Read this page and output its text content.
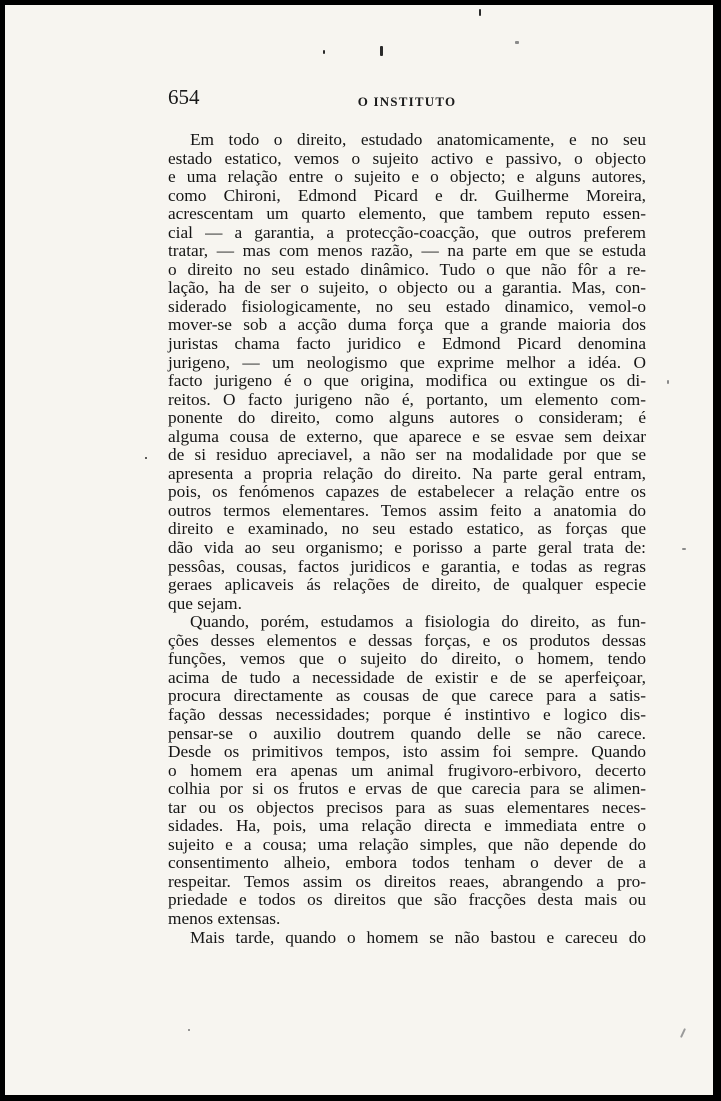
654	O INSTITUTO
Em todo o direito, estudado anatomicamente, e no seu
estado estatico, vemos o sujeito activo e passivo, o objecto
e uma relação entre o sujeito e o objecto; e alguns autores,
como Chironi, Edmond Picard e dr. Guilherme Moreira,
acrescentam um quarto elemento, que tambem reputo essen-
cial — a garantia, a protecção-coacção, que outros preferem
tratar, — mas com menos razão, — na parte em que se estuda
o direito no seu estado dinâmico. Tudo o que não fôr a re-
lação, ha de ser o sujeito, o objecto ou a garantia. Mas, con-
siderado fisiologicamente, no seu estado dinamico, vemol-o
mover-se sob a acção duma força que a grande maioria dos
juristas chama facto juridico e Edmond Picard denomina
jurigeno, — um neologismo que exprime melhor a idéa. O
facto jurigeno é o que origina, modifica ou extingue os di-
reitos. O facto jurigeno não é, portanto, um elemento com-
ponente do direito, como alguns autores o consideram; é
alguma cousa de externo, que aparece e se esvae sem deixar
de si residuo apreciavel, a não ser na modalidade por que se
apresenta a propria relação do direito. Na parte geral entram,
pois, os fenómenos capazes de estabelecer a relação entre os
outros termos elementares. Temos assim feito a anatomia do
direito e examinado, no seu estado estatico, as forças que
dão vida ao seu organismo; e porisso a parte geral trata de:
pessôas, cousas, factos juridicos e garantia, e todas as regras
geraes aplicaveis ás relações de direito, de qualquer especie
que sejam.
Quando, porém, estudamos a fisiologia do direito, as fun-
ções desses elementos e dessas forças, e os produtos dessas
funções, vemos que o sujeito do direito, o homem, tendo
acima de tudo a necessidade de existir e de se aperfeiçoar,
procura directamente as cousas de que carece para a satis-
fação dessas necessidades; porque é instintivo e logico dis-
pensar-se o auxilio doutrem quando delle se não carece.
Desde os primitivos tempos, isto assim foi sempre. Quando
o homem era apenas um animal frugivoro-erbivoro, decerto
colhia por si os frutos e ervas de que carecia para se alimen-
tar ou os objectos precisos para as suas elementares neces-
sidades. Ha, pois, uma relação directa e immediata entre o
sujeito e a cousa; uma relação simples, que não depende do
consentimento alheio, embora todos tenham o dever de a
respeitar. Temos assim os direitos reaes, abrangendo a pro-
priedade e todos os direitos que são fracções desta mais ou
menos extensas.
Mais tarde, quando o homem se não bastou e careceu do
